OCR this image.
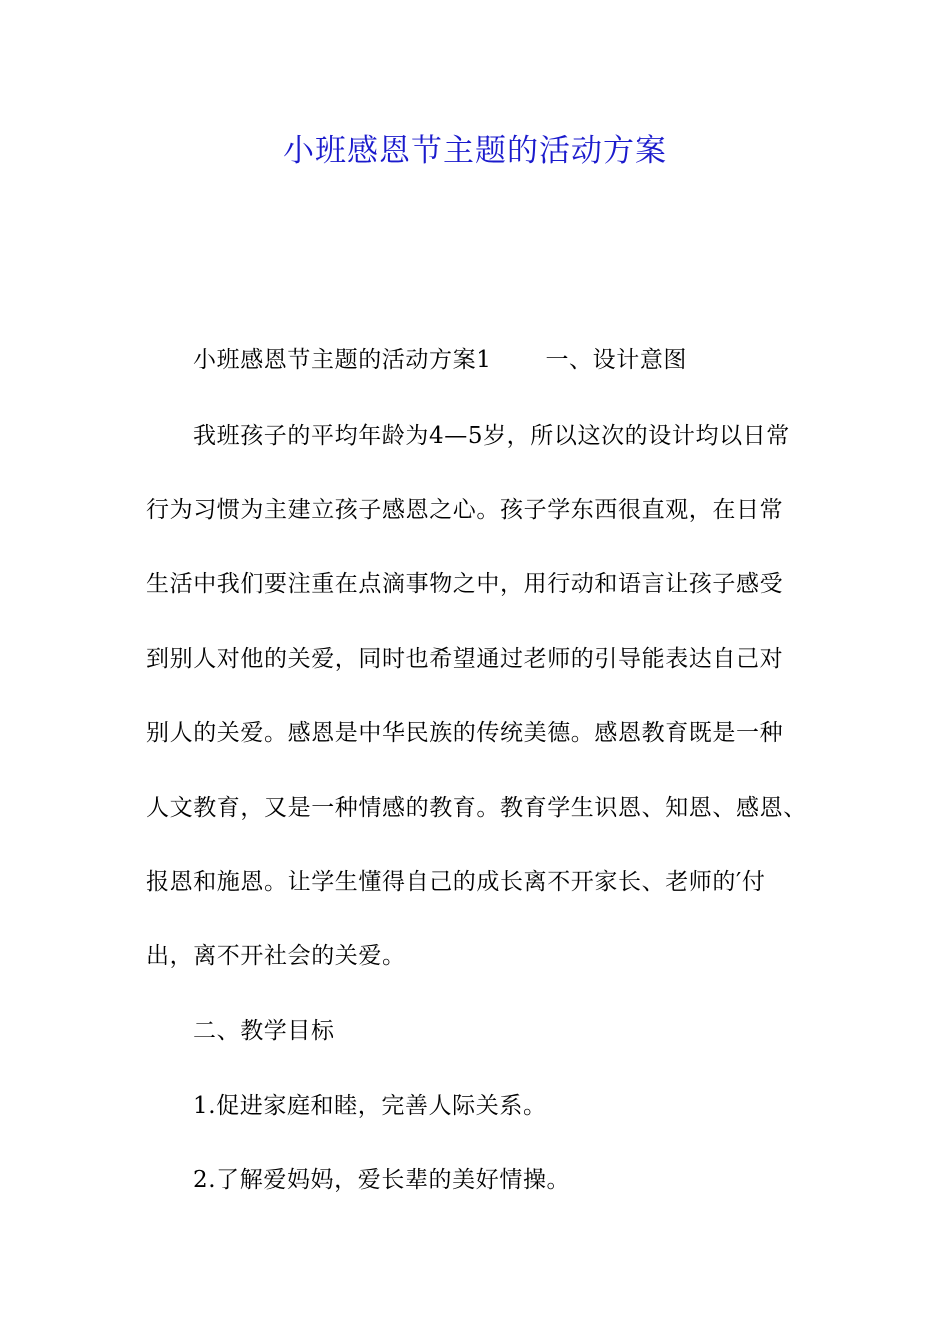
小班感恩节主题的活动方案

小班感恩节主题的活动方案1 一、设计意图

我班孩子的平均年龄为4—5岁，所以这次的设计均以日常

行为习惯为主建立孩子感恩之心。孩子学东西很直观，在日常

生活中我们要注重在点滴事物之中，用行动和语言让孩子感受

到别人对他的关爱，同时也希望通过老师的引导能表达自己对

别人的关爱。感恩是中华民族的传统美德。感恩教育既是一种

人文教育，又是一种情感的教育。教育学生识恩、知恩、感恩、

报恩和施恩。让学生懂得自己的成长离不开家长、老师的′付

出，离不开社会的关爱。

二、教学目标

1.促进家庭和睦，完善人际关系。

2.了解爱妈妈，爱长辈的美好情操。
